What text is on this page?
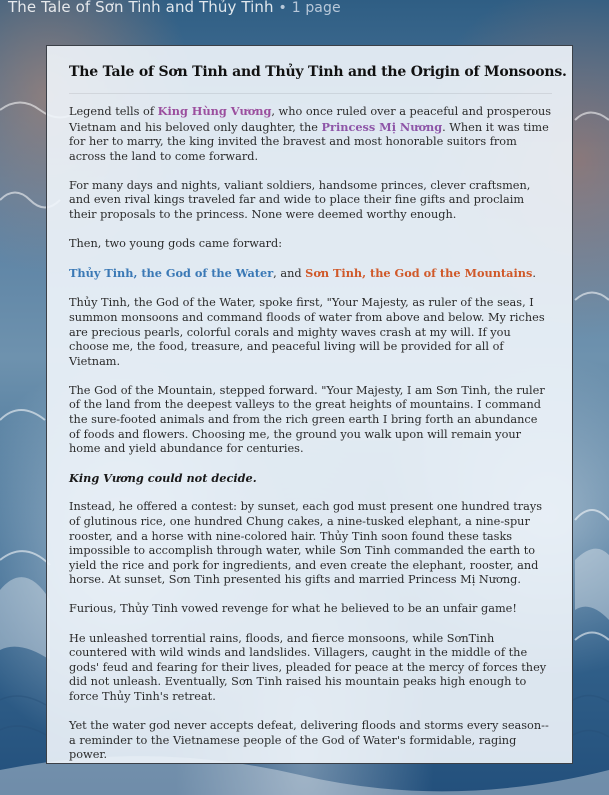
The Tale of Sơn Tinh and Thủy Tinh • 1 page
The Tale of Sơn Tinh and Thủy Tinh and the Origin of Monsoons.

Legend tells of King Hùng Vương, who once ruled over a peaceful and prosperous Vietnam and his beloved only daughter, the Princess Mị Nương. When it was time for her to marry, the king invited the bravest and most honorable suitors from across the land to come forward.

For many days and nights, valiant soldiers, handsome princes, clever craftsmen, and even rival kings traveled far and wide to place their fine gifts and proclaim their proposals to the princess. None were deemed worthy enough.

Then, two young gods came forward:

Thủy Tinh, the God of the Water, and Sơn Tinh, the God of the Mountains.

Thủy Tinh, the God of the Water, spoke first, "Your Majesty, as ruler of the seas, I summon monsoons and command floods of water from above and below. My riches are precious pearls, colorful corals and mighty waves crash at my will. If you choose me, the food, treasure, and peaceful living will be provided for all of Vietnam.

The God of the Mountain, stepped forward. "Your Majesty, I am Sơn Tinh, the ruler of the land from the deepest valleys to the great heights of mountains. I command the sure-footed animals and from the rich green earth I bring forth an abundance of foods and flowers. Choosing me, the ground you walk upon will remain your home and yield abundance for centuries.

King Vương could not decide.

Instead, he offered a contest: by sunset, each god must present one hundred trays of glutinous rice, one hundred Chung cakes, a nine-tusked elephant, a nine-spur rooster, and a horse with nine-colored hair. Thủy Tinh soon found these tasks impossible to accomplish through water, while Sơn Tinh commanded the earth to yield the rice and pork for ingredients, and even create the elephant, rooster, and horse. At sunset, Sơn Tinh presented his gifts and married Princess Mị Nương.

Furious, Thủy Tinh vowed revenge for what he believed to be an unfair game!

He unleashed torrential rains, floods, and fierce monsoons, while SơnTinh countered with wild winds and landslides. Villagers, caught in the middle of the gods' feud and fearing for their lives, pleaded for peace at the mercy of forces they did not unleash. Eventually, Sơn Tinh raised his mountain peaks high enough to force Thủy Tinh's retreat.

Yet the water god never accepts defeat, delivering floods and storms every season--a reminder to the Vietnamese people of the God of Water's formidable, raging power.
